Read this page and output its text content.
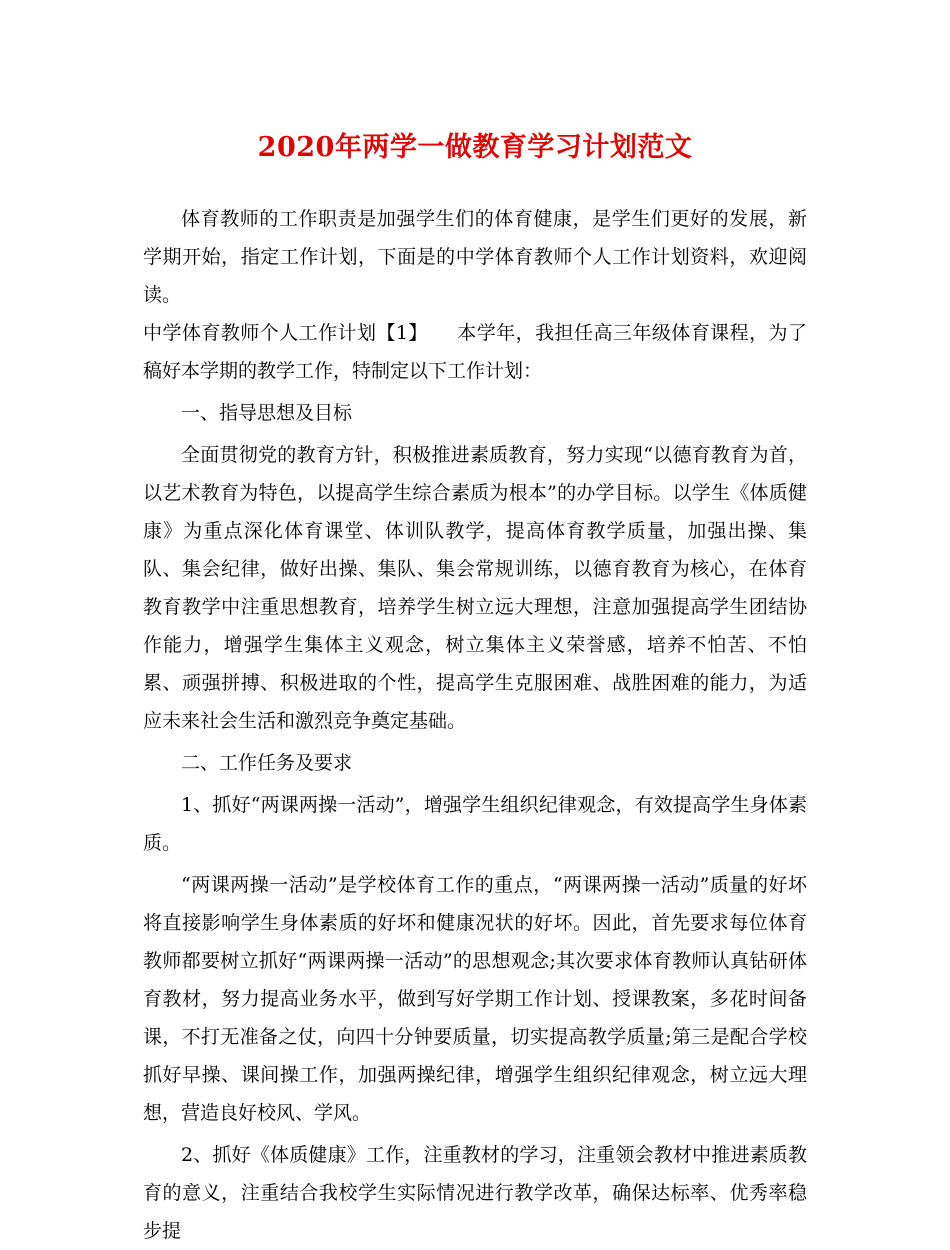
2020年两学一做教育学习计划范文

体育教师的工作职责是加强学生们的体育健康，是学生们更好的发展，新学期开始，指定工作计划，下面是的中学体育教师个人工作计划资料，欢迎阅读。

中学体育教师个人工作计划【1】　　本学年，我担任高三年级体育课程，为了稿好本学期的教学工作，特制定以下工作计划：

一、指导思想及目标

全面贯彻党的教育方针，积极推进素质教育，努力实现“以德育教育为首，以艺术教育为特色，以提高学生综合素质为根本”的办学目标。以学生《体质健康》为重点深化体育课堂、体训队教学，提高体育教学质量，加强出操、集队、集会纪律，做好出操、集队、集会常规训练，以德育教育为核心，在体育教育教学中注重思想教育，培养学生树立远大理想，注意加强提高学生团结协作能力，增强学生集体主义观念，树立集体主义荣誉感，培养不怕苦、不怕累、顽强拼搏、积极进取的个性，提高学生克服困难、战胜困难的能力，为适应未来社会生活和激烈竞争奠定基础。

二、工作任务及要求

1、抓好“两课两操一活动”，增强学生组织纪律观念，有效提高学生身体素质。

“两课两操一活动”是学校体育工作的重点，“两课两操一活动”质量的好坏将直接影响学生身体素质的好坏和健康况状的好坏。因此，首先要求每位体育教师都要树立抓好“两课两操一活动”的思想观念;其次要求体育教师认真钻研体育教材，努力提高业务水平，做到写好学期工作计划、授课教案，多花时间备课，不打无准备之仗，向四十分钟要质量，切实提高教学质量;第三是配合学校抓好早操、课间操工作，加强两操纪律，增强学生组织纪律观念，树立远大理想，营造良好校风、学风。

2、抓好《体质健康》工作，注重教材的学习，注重领会教材中推进素质教育的意义，注重结合我校学生实际情况进行教学改革，确保达标率、优秀率稳步提
